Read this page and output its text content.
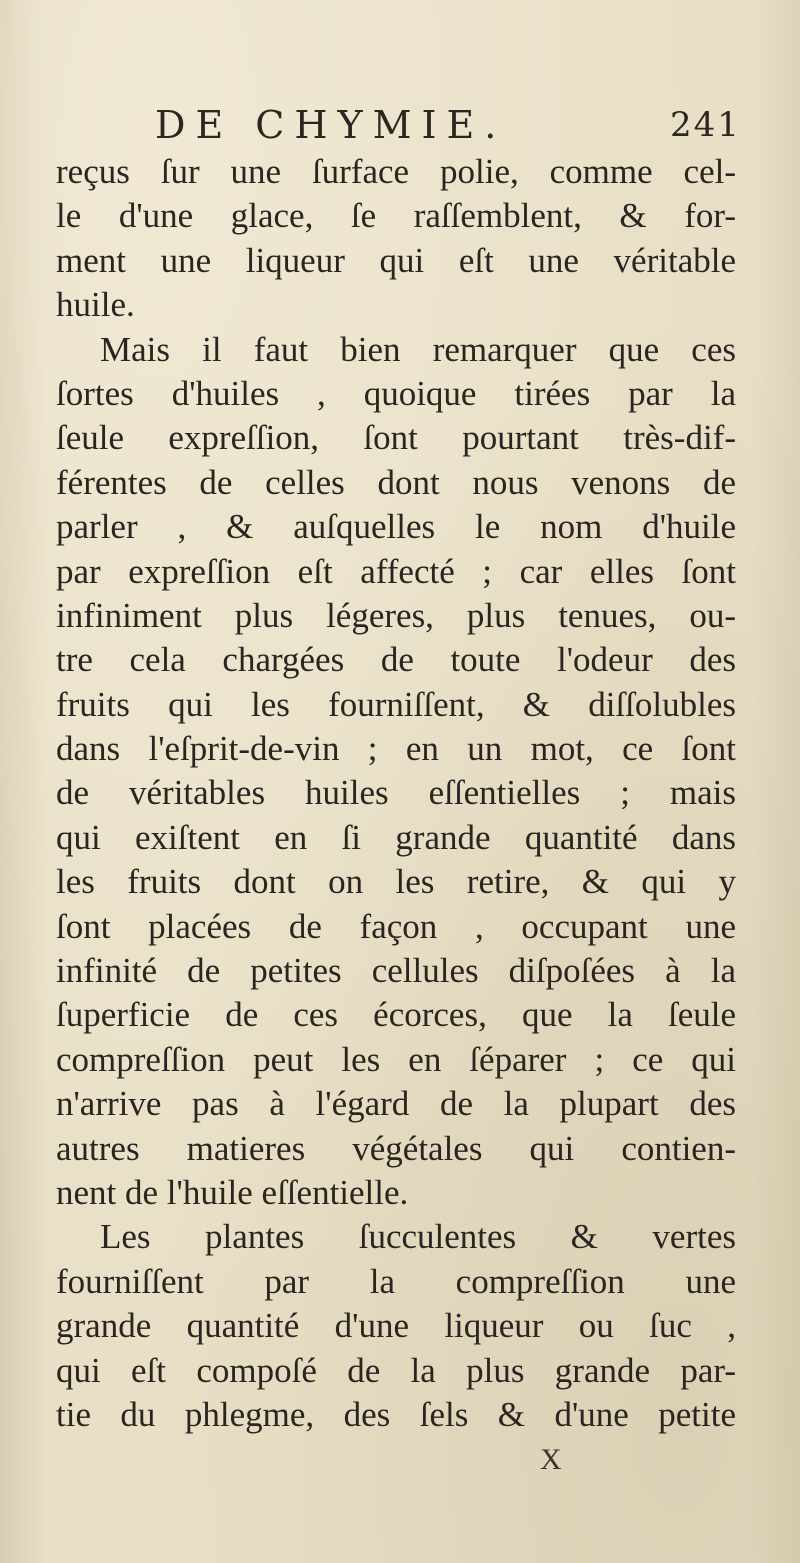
DE CHYMIE.	241
reçus ſur une ſurface polie, comme cel-
le d'une glace, ſe raſſemblent, & for-
ment une liqueur qui eſt une véritable
huile.
Mais il faut bien remarquer que ces
ſortes d'huiles , quoique tirées par la
ſeule expreſſion, ſont pourtant très-dif-
férentes de celles dont nous venons de
parler , & auſquelles le nom d'huile
par expreſſion eſt affecté ; car elles ſont
infiniment plus légeres, plus tenues, ou-
tre cela chargées de toute l'odeur des
fruits qui les fourniſſent, & diſſolubles
dans l'eſprit-de-vin ; en un mot, ce ſont
de véritables huiles eſſentielles ; mais
qui exiſtent en ſi grande quantité dans
les fruits dont on les retire, & qui y
ſont placées de façon , occupant une
infinité de petites cellules diſpoſées à la
ſuperficie de ces écorces, que la ſeule
compreſſion peut les en ſéparer ; ce qui
n'arrive pas à l'égard de la plupart des
autres matieres végétales qui contien-
nent de l'huile eſſentielle.
Les plantes ſucculentes & vertes
fourniſſent par la compreſſion une
grande quantité d'une liqueur ou ſuc ,
qui eſt compoſé de la plus grande par-
tie du phlegme, des ſels & d'une petite
X
